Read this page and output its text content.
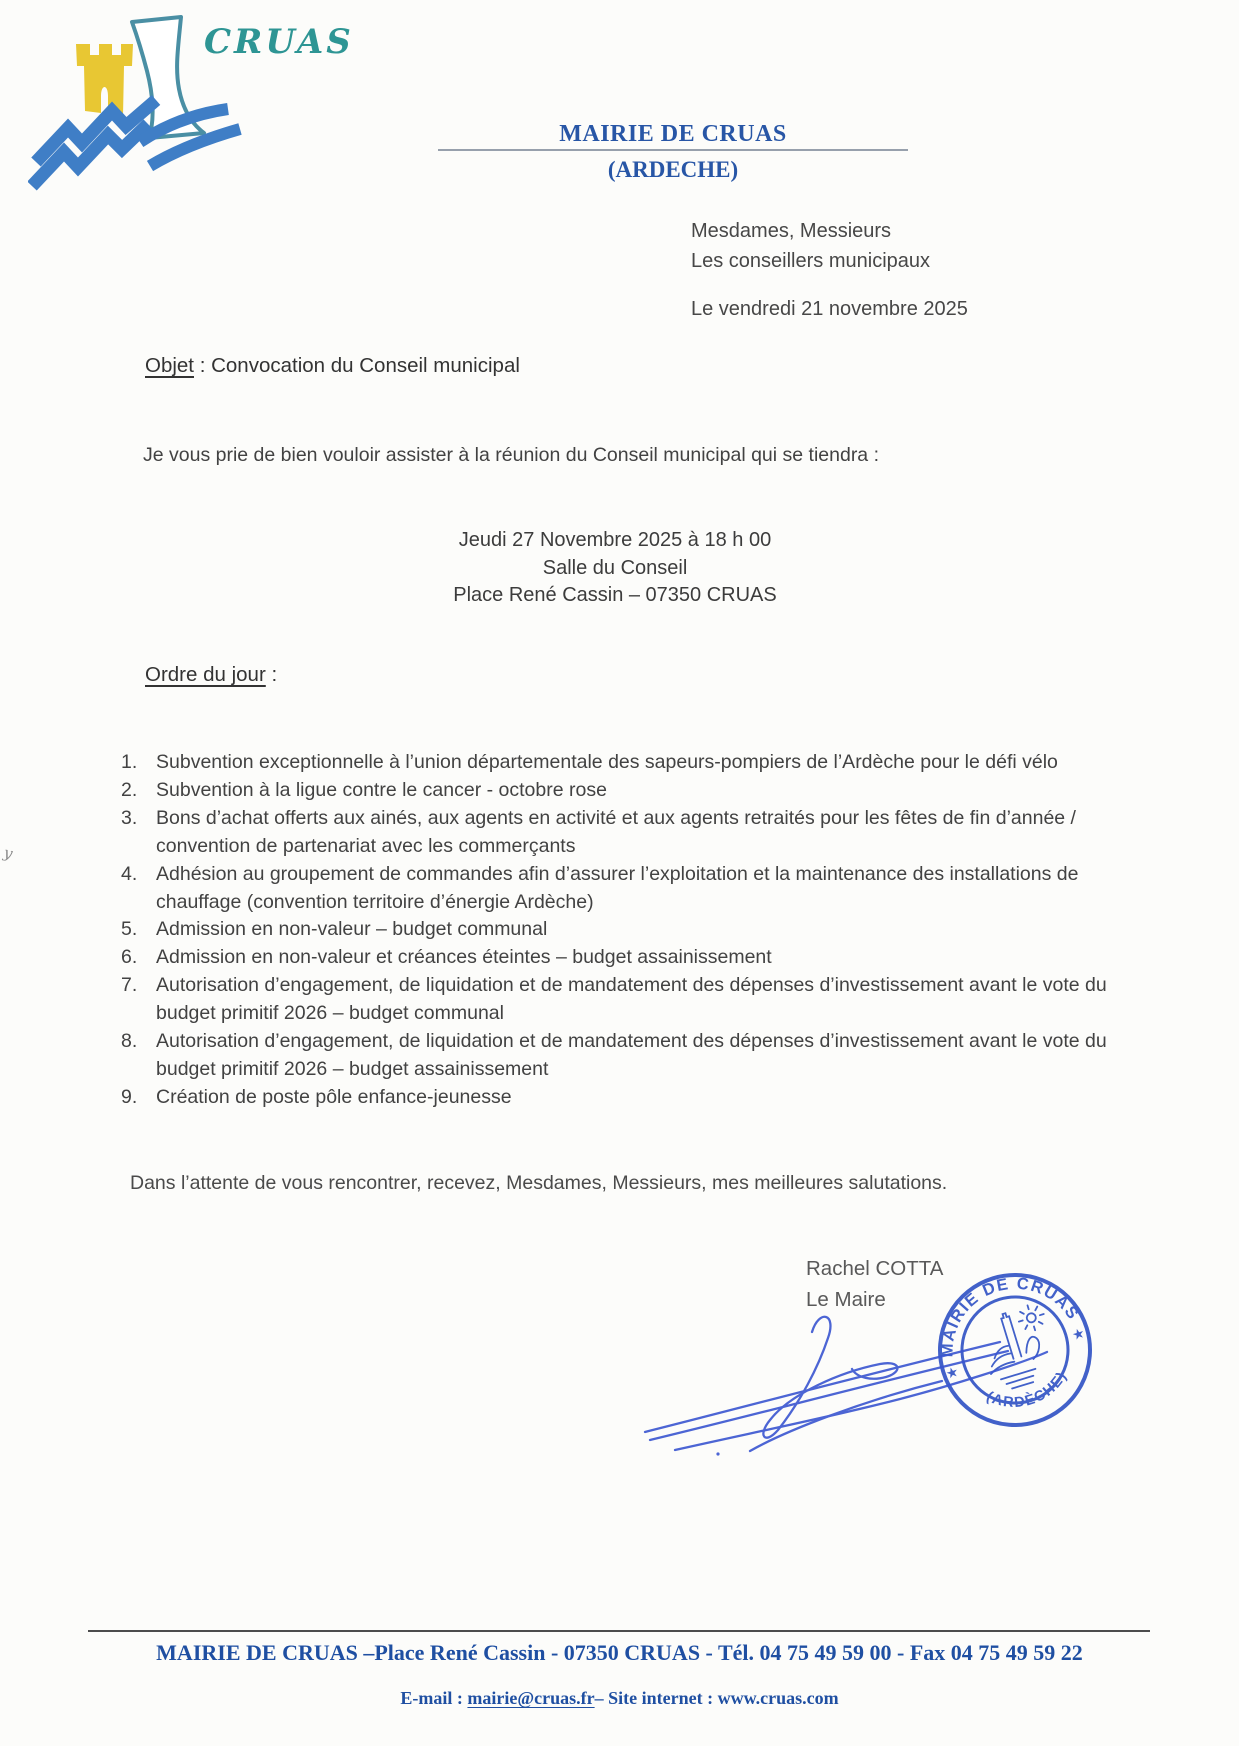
CRUAS
MAIRIE DE CRUAS
(ARDECHE)
Mesdames, Messieurs
Les conseillers municipaux
Le vendredi 21 novembre 2025
Objet : Convocation du Conseil municipal
Je vous prie de bien vouloir assister à la réunion du Conseil municipal qui se tiendra :
Jeudi 27 Novembre 2025 à 18 h 00
Salle du Conseil
Place René Cassin – 07350 CRUAS
Ordre du jour :
1. Subvention exceptionnelle à l’union départementale des sapeurs-pompiers de l’Ardèche pour le défi vélo
2. Subvention à la ligue contre le cancer - octobre rose
3. Bons d’achat offerts aux ainés, aux agents en activité et aux agents retraités pour les fêtes de fin d’année / convention de partenariat avec les commerçants
4. Adhésion au groupement de commandes afin d’assurer l’exploitation et la maintenance des installations de chauffage (convention territoire d’énergie Ardèche)
5. Admission en non-valeur – budget communal
6. Admission en non-valeur et créances éteintes – budget assainissement
7. Autorisation d’engagement, de liquidation et de mandatement des dépenses d’investissement avant le vote du budget primitif 2026 – budget communal
8. Autorisation d’engagement, de liquidation et de mandatement des dépenses d’investissement avant le vote du budget primitif 2026 – budget assainissement
9. Création de poste pôle enfance-jeunesse
Dans l’attente de vous rencontrer, recevez, Mesdames, Messieurs, mes meilleures salutations.
Rachel COTTA
Le Maire
MAIRIE DE CRUAS
(ARDÈCHE)
★
★
y
MAIRIE DE CRUAS –Place René Cassin - 07350 CRUAS - Tél. 04 75 49 59 00 - Fax 04 75 49 59 22
E-mail : mairie@cruas.fr– Site internet : www.cruas.com
